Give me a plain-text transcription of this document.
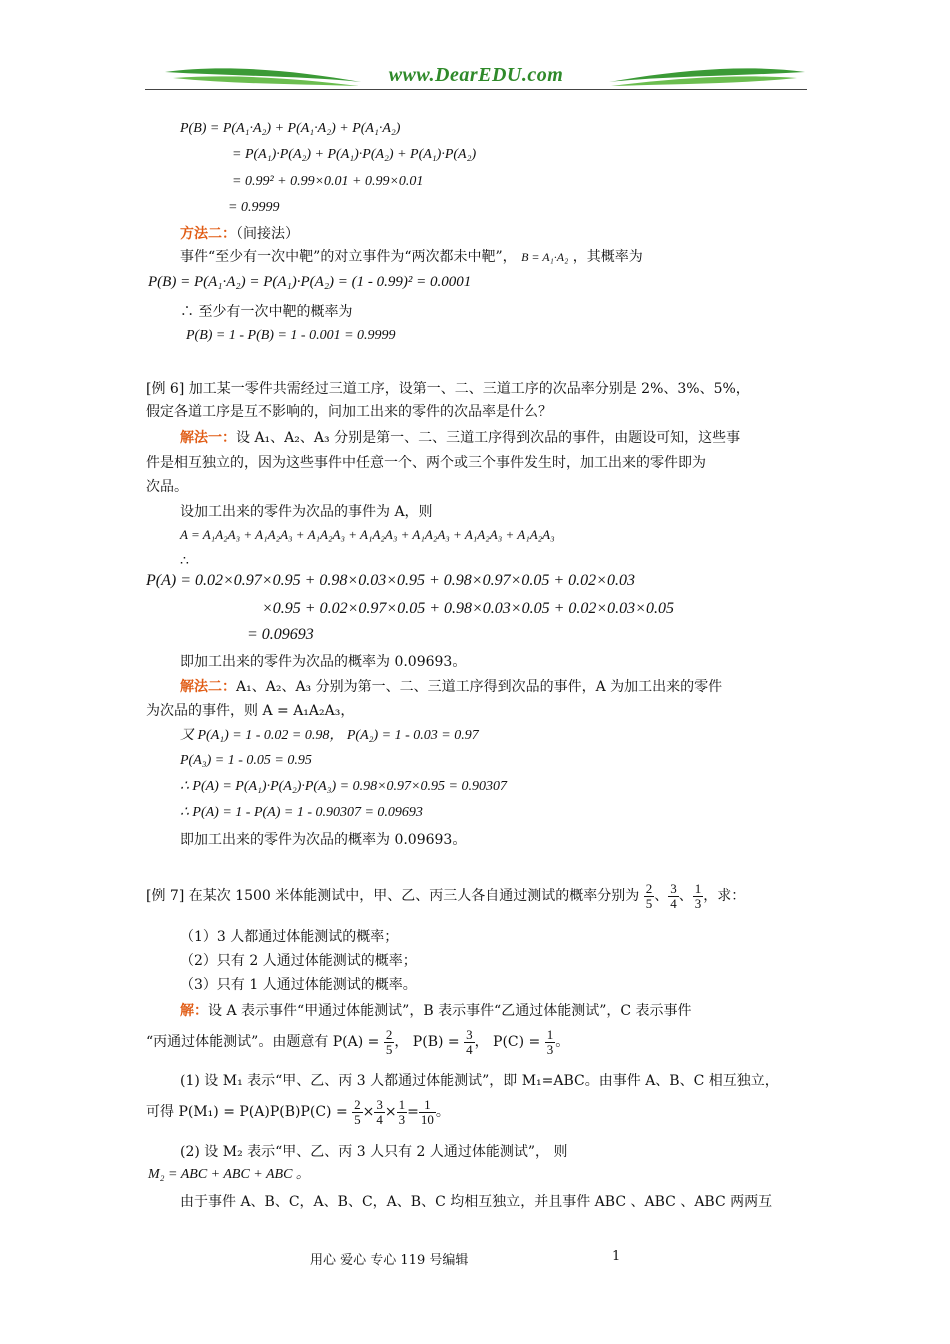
www.DearEDU.com
P(B) = P(A₁·A₂) + P(A₁·A₂) + P(A₁·A₂)
= P(A₁)·P(A₂) + P(A₁)·P(A₂) + P(A₁)·P(A₂)
= 0.99² + 0.99×0.01 + 0.99×0.01
= 0.9999
方法二：（间接法）
事件“至少有一次中靶”的对立事件为“两次都未中靶”， B = A₁·A₂ ，其概率为
P(B) = P(A₁·A₂) = P(A₁)·P(A₂) = (1 - 0.99)² = 0.0001
∴ 至少有一次中靶的概率为
P(B) = 1 - P(B) = 1 - 0.001 = 0.9999
[例 6] 加工某一零件共需经过三道工序，设第一、二、三道工序的次品率分别是 2%、3%、5%，
假定各道工序是互不影响的，问加工出来的零件的次品率是什么？
解法一：设 A₁、A₂、A₃ 分别是第一、二、三道工序得到次品的事件，由题设可知，这些事
件是相互独立的，因为这些事件中任意一个、两个或三个事件发生时，加工出来的零件即为
次品。
设加工出来的零件为次品的事件为 A，则
A = A₁A₂A₃ + A₁A₂A₃ + A₁A₂A₃ + A₁A₂A₃ + A₁A₂A₃ + A₁A₂A₃ + A₁A₂A₃
∴
P(A) = 0.02×0.97×0.95 + 0.98×0.03×0.95 + 0.98×0.97×0.05 + 0.02×0.03
×0.95 + 0.02×0.97×0.05 + 0.98×0.03×0.05 + 0.02×0.03×0.05
= 0.09693
即加工出来的零件为次品的概率为 0.09693。
解法二：A₁、A₂、A₃ 分别为第一、二、三道工序得到次品的事件，A 为加工出来的零件
为次品的事件，则 A = A₁A₂A₃，
又 P(A₁) = 1 - 0.02 = 0.98， P(A₂) = 1 - 0.03 = 0.97
P(A₃) = 1 - 0.05 = 0.95
∴ P(A) = P(A₁)·P(A₂)·P(A₃) = 0.98×0.97×0.95 = 0.90307
∴ P(A) = 1 - P(A) = 1 - 0.90307 = 0.09693
即加工出来的零件为次品的概率为 0.09693。
[例 7] 在某次 1500 米体能测试中，甲、乙、丙三人各自通过测试的概率分别为 $\frac{2}{5}$ 、 $\frac{3}{4}$ 、 $\frac{1}{3}$ ，求：
（1）3 人都通过体能测试的概率；
（2）只有 2 人通过体能测试的概率；
（3）只有 1 人通过体能测试的概率。
解：设 A 表示事件“甲通过体能测试”，B 表示事件“乙通过体能测试”，C 表示事件
“丙通过体能测试”。由题意有 $P(A) = \frac{2}{5}$ ， $P(B) = \frac{3}{4}$ ， $P(C) = \frac{1}{3}$ 。
(1) 设 M₁ 表示“甲、乙、丙 3 人都通过体能测试”，即 M₁=ABC。由事件 A、B、C 相互独立，
可得 $P(M_1) = P(A)P(B)P(C) = \frac{2}{5} \times \frac{3}{4} \times \frac{1}{3} = \frac{1}{10}$ 。
(2) 设 M₂ 表示“甲、乙、丙 3 人只有 2 人通过体能测试”， 则
M₂ = ABC + ABC + ABC 。
由于事件 A、B、C，A、B、C，A、B、C 均相互独立，并且事件 ABC 、ABC 、ABC 两两互
用心 爱心 专心 119 号编辑	1
